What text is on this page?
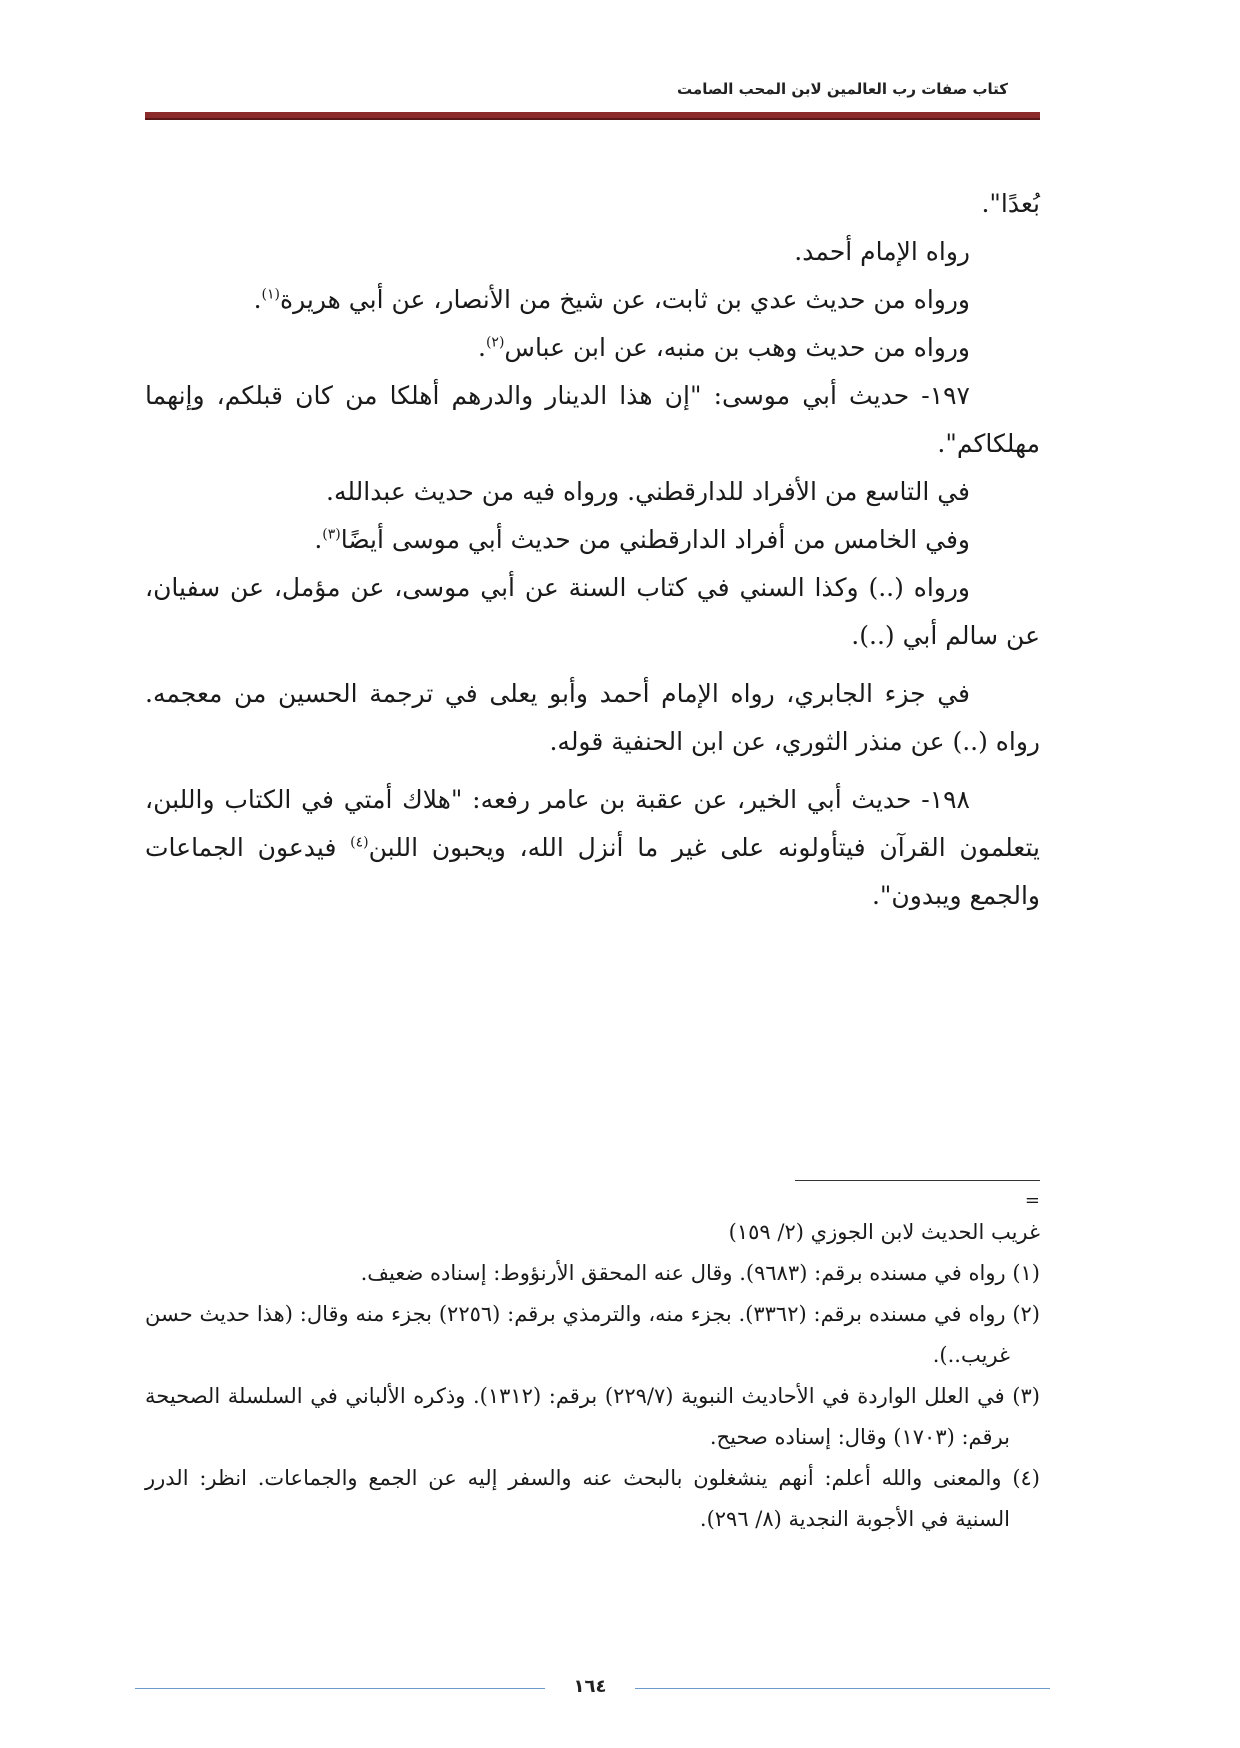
كتاب صفات رب العالمين لابن المحب الصامت

بُعدًا".

رواه الإمام أحمد.

ورواه من حديث عدي بن ثابت، عن شيخ من الأنصار، عن أبي هريرة$^{(١)}$.

ورواه من حديث وهب بن منبه، عن ابن عباس$^{(٢)}$.

١٩٧- حديث أبي موسى: "إن هذا الدينار والدرهم أهلكا من كان قبلكم، وإنهما مهلكاكم".

في التاسع من الأفراد للدارقطني. ورواه فيه من حديث عبدالله.

وفي الخامس من أفراد الدارقطني من حديث أبي موسى أيضًا$^{(٣)}$.

ورواه (..) وكذا السني في كتاب السنة عن أبي موسى، عن مؤمل، عن سفيان، عن سالم أبي (..).

في جزء الجابري، رواه الإمام أحمد وأبو يعلى في ترجمة الحسين من معجمه. رواه (..) عن منذر الثوري، عن ابن الحنفية قوله.

١٩٨- حديث أبي الخير، عن عقبة بن عامر رفعه: "هلاك أمتي في الكتاب واللبن، يتعلمون القرآن فيتأولونه على غير ما أنزل الله، ويحبون اللبن$^{(٤)}$ فيدعون الجماعات والجمع ويبدون".

=

غريب الحديث لابن الجوزي (٢/ ١٥٩)

(١) رواه في مسنده برقم: (٩٦٨٣). وقال عنه المحقق الأرنؤوط: إسناده ضعيف.

(٢) رواه في مسنده برقم: (٣٣٦٢). بجزء منه، والترمذي برقم: (٢٢٥٦) بجزء منه وقال: (هذا حديث حسن غريب..).

(٣) في العلل الواردة في الأحاديث النبوية (٢٢٩/٧) برقم: (١٣١٢). وذكره الألباني في السلسلة الصحيحة برقم: (١٧٠٣) وقال: إسناده صحيح.

(٤) والمعنى والله أعلم: أنهم ينشغلون بالبحث عنه والسفر إليه عن الجمع والجماعات. انظر: الدرر السنية في الأجوبة النجدية (٨/ ٢٩٦).

١٦٤
